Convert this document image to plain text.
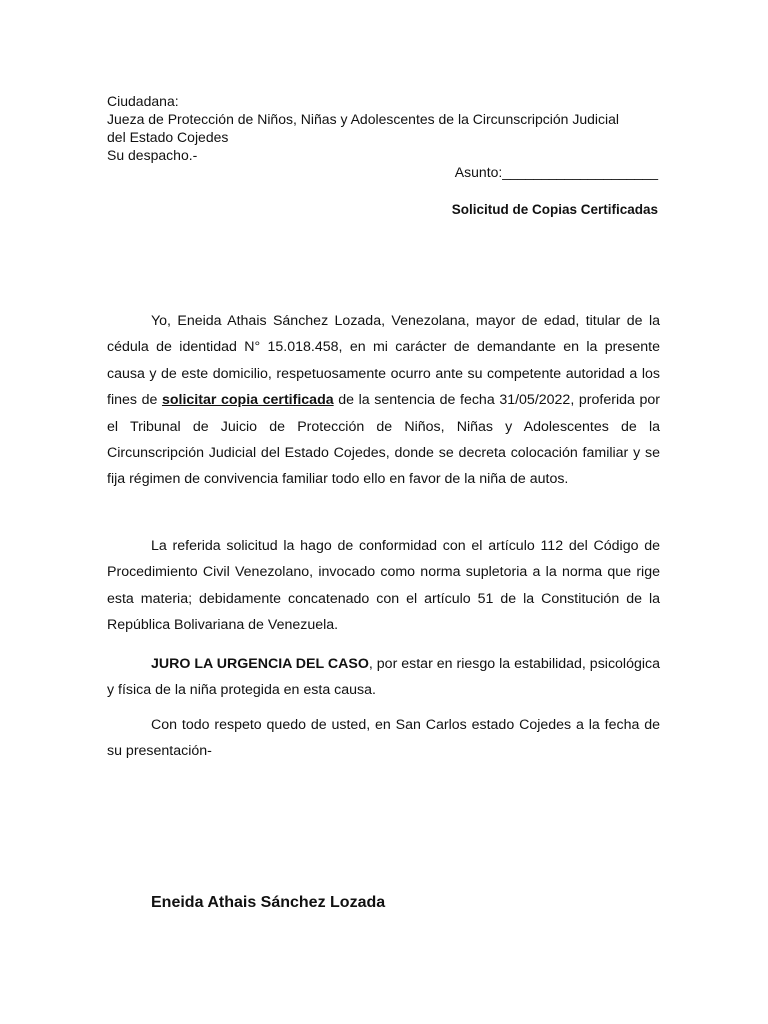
Ciudadana:
Jueza de Protección de Niños, Niñas y Adolescentes de la Circunscripción Judicial
del Estado Cojedes
Su despacho.-
Asunto:____________________
Solicitud de Copias Certificadas
Yo, Eneida Athais Sánchez Lozada, Venezolana, mayor de edad, titular de la cédula de identidad N° 15.018.458, en mi carácter de demandante en la presente causa y de este domicilio, respetuosamente ocurro ante su competente autoridad a los fines de solicitar copia certificada de la sentencia de fecha 31/05/2022, proferida por el Tribunal de Juicio de Protección de Niños, Niñas y Adolescentes de la Circunscripción Judicial del Estado Cojedes, donde se decreta colocación familiar y se fija régimen de convivencia familiar todo ello en favor de la niña de autos.
La referida solicitud la hago de conformidad con el artículo 112 del Código de Procedimiento Civil Venezolano, invocado como norma supletoria a la norma que rige esta materia; debidamente concatenado con el artículo 51 de la Constitución de la República Bolivariana de Venezuela.
JURO LA URGENCIA DEL CASO, por estar en riesgo la estabilidad, psicológica y física de la niña protegida en esta causa.
Con todo respeto quedo de usted, en San Carlos estado Cojedes a la fecha de su presentación-
Eneida Athais Sánchez Lozada
